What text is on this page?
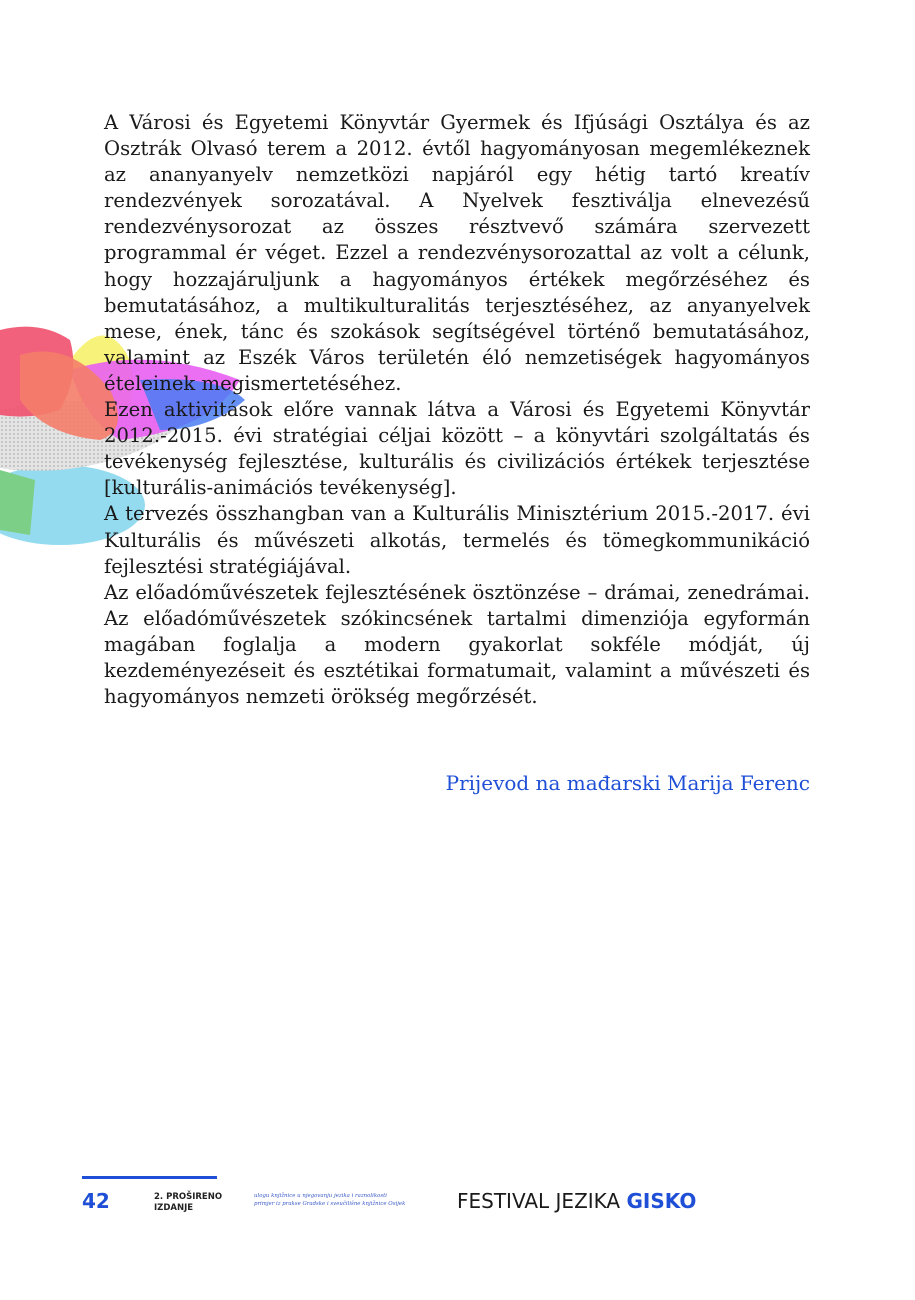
A Városi és Egyetemi Könyvtár Gyermek és Ifjúsági Osztálya és az Osztrák Olvasó terem a 2012. évtől hagyományosan megemlékeznek az ananyanyelv nemzetközi napjáról egy hétig tartó kreatív rendezvények sorozatával. A Nyelvek fesztiválja elnevezésű rendezvénysorozat az összes résztvevő számára szervezett programmal ér véget. Ezzel a rendezvénysorozattal az volt a célunk, hogy hozzajáruljunk a hagyományos értékek megőrzéséhez és bemutatásához, a multikulturalitás terjesztéséhez, az anyanyelvek mese, ének, tánc és szokások segítségével történő bemutatásához, valamint az Eszék Város területén éló nemzetiségek hagyományos ételeinek megismertetéséhez.

Ezen aktivitások előre vannak látva a Városi és Egyetemi Könyvtár 2012.-2015. évi stratégiai céljai között – a könyvtári szolgáltatás és tevékenység fejlesztése, kulturális és civilizációs értékek terjesztése [kulturális-animációs tevékenység].

A tervezés összhangban van a Kulturális Minisztérium 2015.-2017. évi Kulturális és művészeti alkotás, termelés és tömegkommunikáció fejlesztési stratégiájával.

Az előadóművészetek fejlesztésének ösztönzése – drámai, zenedrámai. Az előadóművészetek szókincsének tartalmi dimenziója egyformán magában foglalja a modern gyakorlat sokféle módját, új kezdeményezéseit és esztétikai formatumait, valamint a művészeti és hagyományos nemzeti örökség megőrzését.

Prijevod na mađarski Marija Ferenc

42	2. PROŠIRENO
IZDANJE
ulogu knjižnice u njegovanju jezika i raznolikosti
primjer iz prakse Gradske i sveučilišne knjižnice Osijek	FESTIVAL JEZIKA GISKO
